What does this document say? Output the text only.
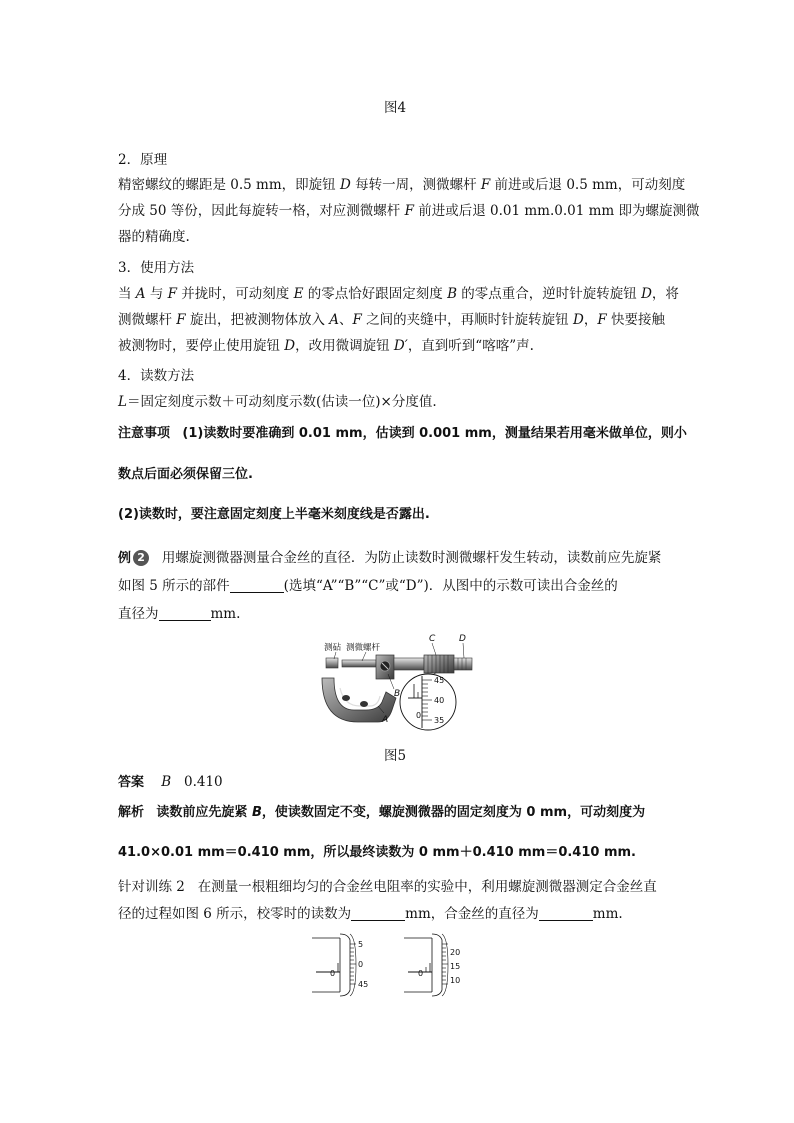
图4
2．原理
精密螺纹的螺距是 0.5 mm，即旋钮 D 每转一周，测微螺杆 F 前进或后退 0.5 mm，可动刻度
分成 50 等份，因此每旋转一格，对应测微螺杆 F 前进或后退 0.01 mm.0.01 mm 即为螺旋测微
器的精确度.
3．使用方法
当 A 与 F 并拢时，可动刻度 E 的零点恰好跟固定刻度 B 的零点重合，逆时针旋转旋钮 D，将
测微螺杆 F 旋出，把被测物体放入 A、F 之间的夹缝中，再顺时针旋转旋钮 D，F 快要接触
被测物时，要停止使用旋钮 D，改用微调旋钮 D′，直到听到“喀喀”声.
4．读数方法
L＝固定刻度示数＋可动刻度示数(估读一位)×分度值.
注意事项 (1)读数时要准确到 0.01 mm，估读到 0.001 mm，测量结果若用毫米做单位，则小
数点后面必须保留三位.
(2)读数时，要注意固定刻度上半毫米刻度线是否露出.
例 2 用螺旋测微器测量合金丝的直径．为防止读数时测微螺杆发生转动，读数前应先旋紧
如图 5 所示的部件	(选填“A”“B”“C”或“D”)．从图中的示数可读出合金丝的
直径为	mm.
测砧 测微螺杆
C	D
B
A
45
40
35
0
图5
答案 B 0.410
解析 读数前应先旋紧 B，使读数固定不变，螺旋测微器的固定刻度为 0 mm，可动刻度为
41.0×0.01 mm＝0.410 mm，所以最终读数为 0 mm＋0.410 mm＝0.410 mm.
针对训练 2 在测量一根粗细均匀的合金丝电阻率的实验中，利用螺旋测微器测定合金丝直
径的过程如图 6 所示，校零时的读数为	mm，合金丝的直径为	mm.
5
0
45
0
20
15
10
0
